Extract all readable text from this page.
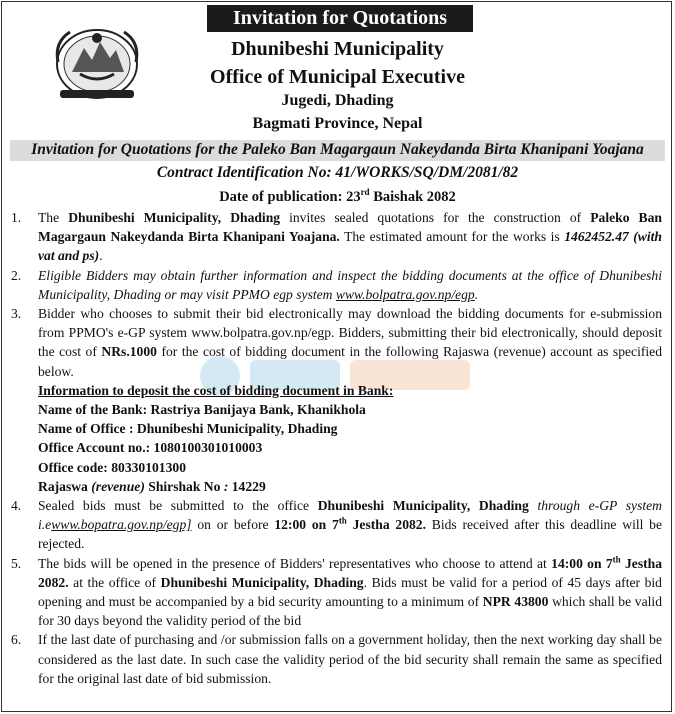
Invitation for Quotations
Dhunibeshi Municipality
Office of Municipal Executive
Jugedi, Dhading
Bagmati Province, Nepal
Invitation for Quotations for the Paleko Ban Magargaun Nakeydanda Birta Khanipani Yoajana
Contract Identification No: 41/WORKS/SQ/DM/2081/82
Date of publication: 23rd Baishak 2082
1. The Dhunibeshi Municipality, Dhading invites sealed quotations for the construction of Paleko Ban Magargaun Nakeydanda Birta Khanipani Yoajana. The estimated amount for the works is 1462452.47 (with vat and ps).
2. Eligible Bidders may obtain further information and inspect the bidding documents at the office of Dhunibeshi Municipality, Dhading or may visit PPMO egp system www.bolpatra.gov.np/egp.
3. Bidder who chooses to submit their bid electronically may download the bidding documents for e-submission from PPMO's e-GP system www.bolpatra.gov.np/egp. Bidders, submitting their bid electronically, should deposit the cost of NRs.1000 for the cost of bidding document in the following Rajaswa (revenue) account as specified below.
Information to deposit the cost of bidding document in Bank:
Name of the Bank: Rastriya Banijaya Bank, Khanikhola
Name of Office : Dhunibeshi Municipality, Dhading
Office Account no.: 1080100301010003
Office code: 80330101300
Rajaswa (revenue) Shirshak No : 14229
4. Sealed bids must be submitted to the office Dhunibeshi Municipality, Dhading through e-GP system i.ewww.bopatra.gov.np/egp] on or before 12:00 on 7th Jestha 2082. Bids received after this deadline will be rejected.
5. The bids will be opened in the presence of Bidders' representatives who choose to attend at 14:00 on 7th Jestha 2082. at the office of Dhunibeshi Municipality, Dhading. Bids must be valid for a period of 45 days after bid opening and must be accompanied by a bid security amounting to a minimum of NPR 43800 which shall be valid for 30 days beyond the validity period of the bid
6. If the last date of purchasing and /or submission falls on a government holiday, then the next working day shall be considered as the last date. In such case the validity period of the bid security shall remain the same as specified for the original last date of bid submission.
